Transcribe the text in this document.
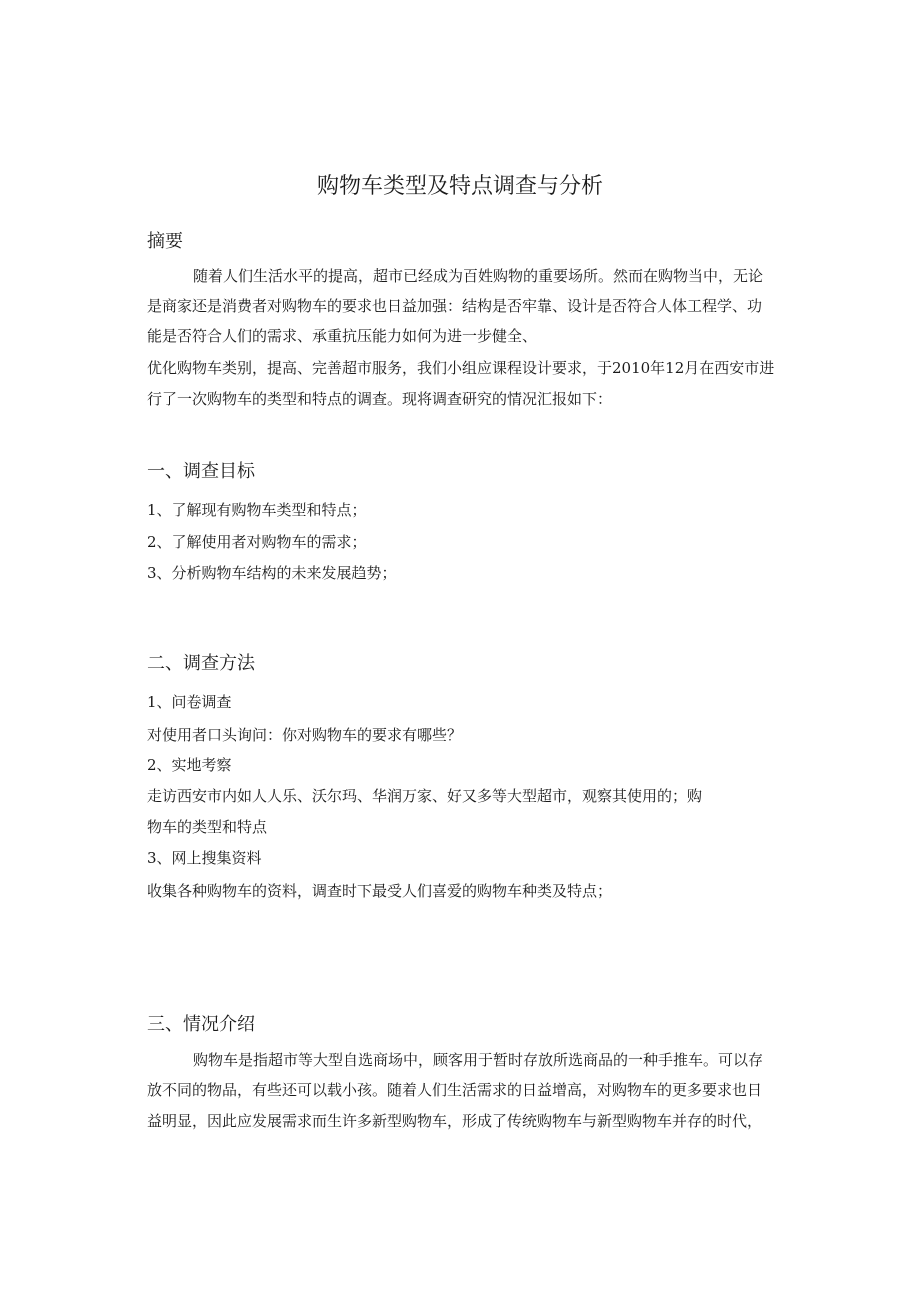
购物车类型及特点调查与分析
摘要

随着人们生活水平的提高，超市已经成为百姓购物的重要场所。然而在购物当中，无论

是商家还是消费者对购物车的要求也日益加强：结构是否牢靠、设计是否符合人体工程学、功

能是否符合人们的需求、承重抗压能力如何为进一步健全、

优化购物车类别，提高、完善超市服务，我们小组应课程设计要求，于2010年12月在西安市进

行了一次购物车的类型和特点的调查。现将调查研究的情况汇报如下：

一、调查目标

1、了解现有购物车类型和特点；

2、了解使用者对购物车的需求；

3、分析购物车结构的未来发展趋势；

二、调查方法

1、问卷调查

对使用者口头询问：你对购物车的要求有哪些？

2、实地考察

走访西安市内如人人乐、沃尔玛、华润万家、好又多等大型超市，观察其使用的；购

物车的类型和特点

3、网上搜集资料

收集各种购物车的资料，调查时下最受人们喜爱的购物车种类及特点；

三、情况介绍

购物车是指超市等大型自选商场中，顾客用于暂时存放所选商品的一种手推车。可以存

放不同的物品，有些还可以载小孩。随着人们生活需求的日益增高，对购物车的更多要求也日

益明显，因此应发展需求而生许多新型购物车，形成了传统购物车与新型购物车并存的时代，
